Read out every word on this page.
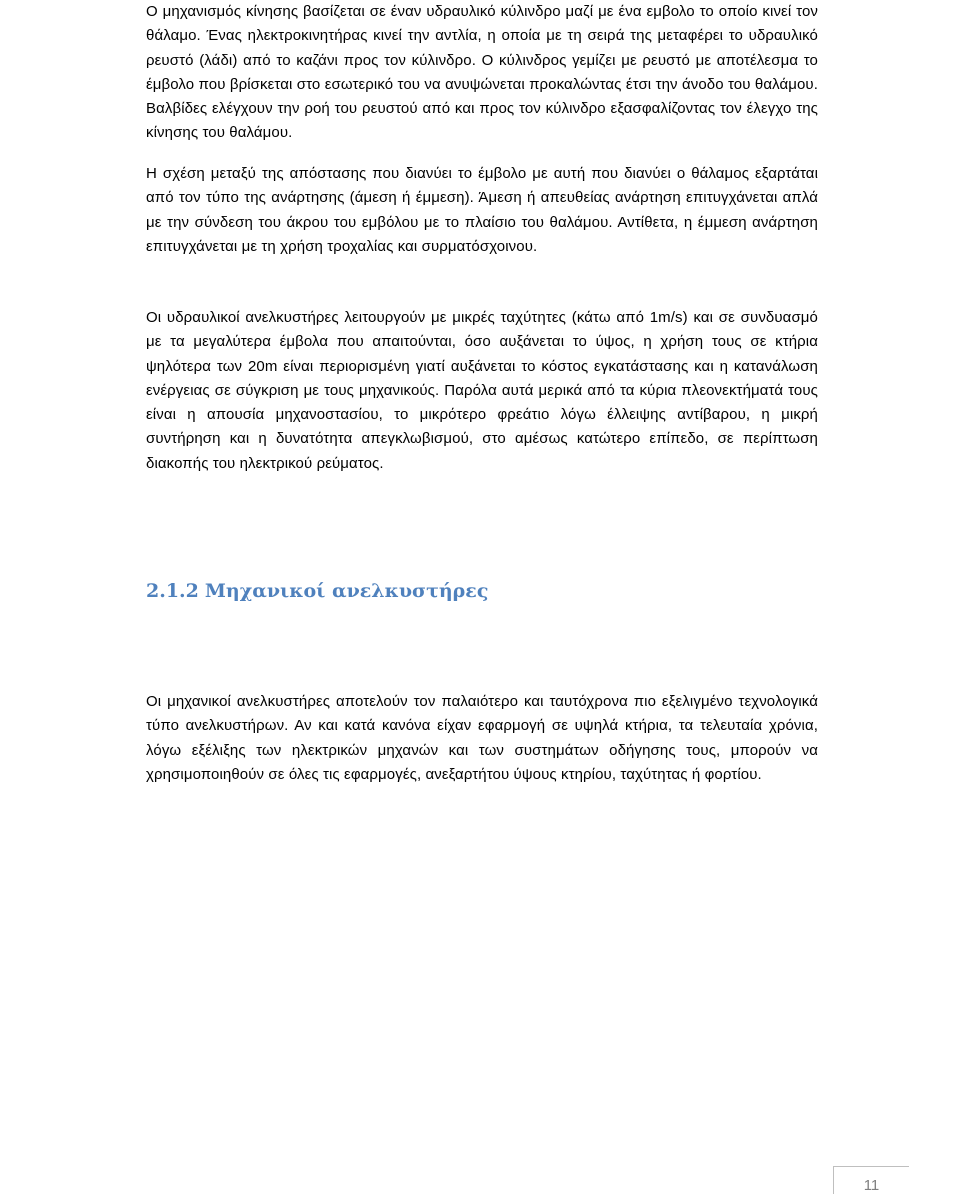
Ο μηχανισμός κίνησης βασίζεται σε έναν υδραυλικό κύλινδρο μαζί με ένα εμβολο το οποίο κινεί τον θάλαμο. Ένας ηλεκτροκινητήρας κινεί την αντλία, η οποία με τη σειρά της μεταφέρει το υδραυλικό ρευστό (λάδι) από το καζάνι προς τον κύλινδρο. Ο κύλινδρος γεμίζει με ρευστό με αποτέλεσμα το έμβολο που βρίσκεται στο εσωτερικό του να ανυψώνεται προκαλώντας έτσι την άνοδο του θαλάμου. Βαλβίδες ελέγχουν την ροή του ρευστού από και προς τον κύλινδρο εξασφαλίζοντας τον έλεγχο της κίνησης του θαλάμου.

Η σχέση μεταξύ της απόστασης που διανύει το έμβολο με αυτή που διανύει ο θάλαμος εξαρτάται από τον τύπο της ανάρτησης (άμεση ή έμμεση). Άμεση ή απευθείας ανάρτηση επιτυγχάνεται απλά με την σύνδεση του άκρου του εμβόλου με το πλαίσιο του θαλάμου. Αντίθετα, η έμμεση ανάρτηση επιτυγχάνεται με τη χρήση τροχαλίας και συρματόσχοινου.

Οι υδραυλικοί ανελκυστήρες λειτουργούν με μικρές ταχύτητες (κάτω από 1m/s) και σε συνδυασμό με τα μεγαλύτερα έμβολα που απαιτούνται, όσο αυξάνεται το ύψος, η χρήση τους σε κτήρια ψηλότερα των 20m είναι περιορισμένη γιατί αυξάνεται το κόστος εγκατάστασης και η κατανάλωση ενέργειας σε σύγκριση με τους μηχανικούς. Παρόλα αυτά μερικά από τα κύρια πλεονεκτήματά τους είναι η απουσία μηχανοστασίου, το μικρότερο φρεάτιο λόγω έλλειψης αντίβαρου, η μικρή συντήρηση και η δυνατότητα απεγκλωβισμού, στο αμέσως κατώτερο επίπεδο, σε περίπτωση διακοπής του ηλεκτρικού ρεύματος.

2.1.2 Μηχανικοί ανελκυστήρες

Οι μηχανικοί ανελκυστήρες αποτελούν τον παλαιότερο και ταυτόχρονα πιο εξελιγμένο τεχνολογικά τύπο ανελκυστήρων. Αν και κατά κανόνα είχαν εφαρμογή σε υψηλά κτήρια, τα τελευταία χρόνια, λόγω εξέλιξης των ηλεκτρικών μηχανών και των συστημάτων οδήγησης τους, μπορούν να χρησιμοποιηθούν σε όλες τις εφαρμογές, ανεξαρτήτου ύψους κτηρίου, ταχύτητας ή φορτίου.

11
